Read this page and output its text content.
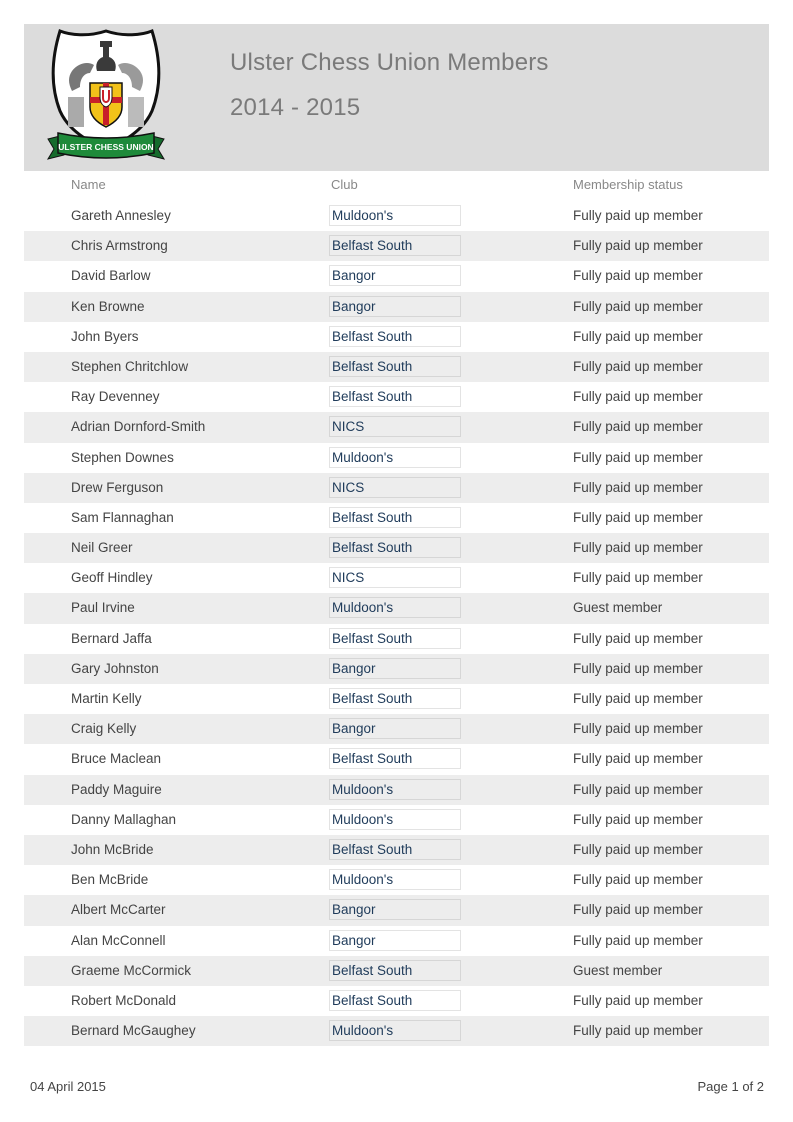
ULSTER CHESS UNION
Ulster Chess Union Members
2014 - 2015
Name	Club	Membership status
Gareth Annesley	Muldoon's	Fully paid up member
Chris Armstrong	Belfast South	Fully paid up member
David Barlow	Bangor	Fully paid up member
Ken Browne	Bangor	Fully paid up member
John Byers	Belfast South	Fully paid up member
Stephen Chritchlow	Belfast South	Fully paid up member
Ray Devenney	Belfast South	Fully paid up member
Adrian Dornford-Smith	NICS	Fully paid up member
Stephen Downes	Muldoon's	Fully paid up member
Drew Ferguson	NICS	Fully paid up member
Sam Flannaghan	Belfast South	Fully paid up member
Neil Greer	Belfast South	Fully paid up member
Geoff Hindley	NICS	Fully paid up member
Paul Irvine	Muldoon's	Guest member
Bernard Jaffa	Belfast South	Fully paid up member
Gary Johnston	Bangor	Fully paid up member
Martin Kelly	Belfast South	Fully paid up member
Craig Kelly	Bangor	Fully paid up member
Bruce Maclean	Belfast South	Fully paid up member
Paddy Maguire	Muldoon's	Fully paid up member
Danny Mallaghan	Muldoon's	Fully paid up member
John McBride	Belfast South	Fully paid up member
Ben McBride	Muldoon's	Fully paid up member
Albert McCarter	Bangor	Fully paid up member
Alan McConnell	Bangor	Fully paid up member
Graeme McCormick	Belfast South	Guest member
Robert McDonald	Belfast South	Fully paid up member
Bernard McGaughey	Muldoon's	Fully paid up member
04 April 2015	Page 1 of 2
